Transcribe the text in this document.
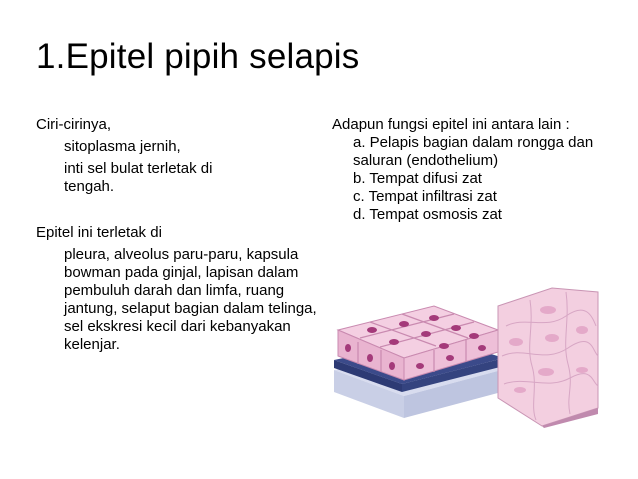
1.Epitel pipih selapis

Ciri-cirinya,

sitoplasma jernih,

inti sel bulat terletak di tengah.

Epitel ini terletak di

pleura, alveolus paru-paru, kapsula bowman pada ginjal, lapisan dalam pembuluh darah dan limfa, ruang jantung, selaput bagian dalam telinga, sel ekskresi kecil dari kebanyakan kelenjar.

Adapun fungsi epitel ini antara lain :

a. Pelapis bagian dalam rongga dan saluran (endothelium)

b. Tempat difusi zat

c. Tempat infiltrasi zat

d. Tempat osmosis zat
